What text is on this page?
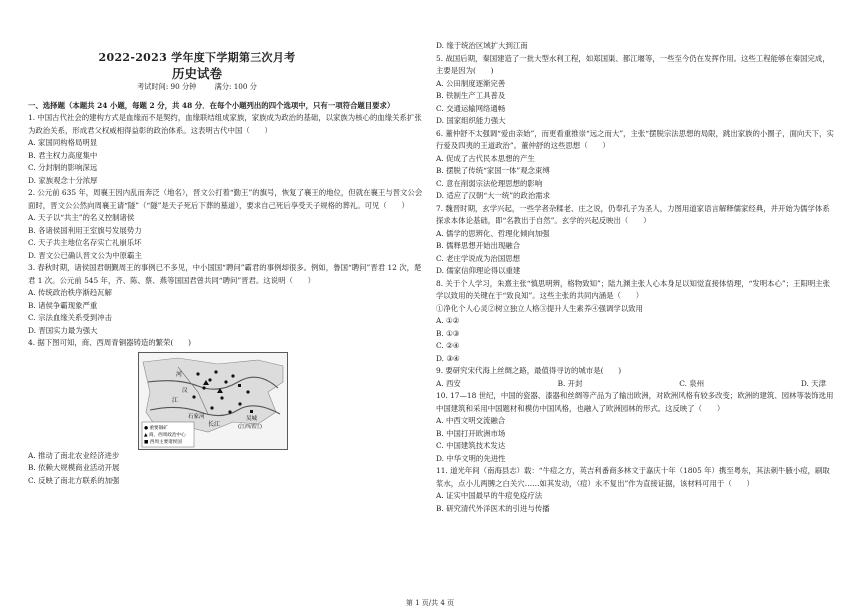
2022-2023 学年度下学期第三次月考
历史试卷
考试时间: 90 分钟	满分: 100 分
一、选择题（本题共 24 小题，每题 2 分，共 48 分．在每个小题列出的四个选项中，只有一项符合题目要求）

1. 中国古代社会的建构方式是血缘而不是契约，血缘联结组成家族，家族成为政治的基础，以家族为核心的血缘关系扩张为政治关系，形成君父权威相得益彰的政治体系。这表明古代中国（　　）

A. 家国同构格局明显

B. 君主权力高度集中

C. 分封制的影响深远

D. 家族观念十分浓厚

2. 公元前 635 年，周襄王因内乱而奔泛（地名），晋文公打着“勤王”的旗号，恢复了襄王的地位，但就在襄王与晋文公会面时，晋文公公然向周襄王请“隧”（“隧”是天子死后下葬的墓道），要求自己死后享受天子规格的葬礼。可见（　　）

A. 天子以“共主”的名义控制诸侯

B. 各诸侯国利用王室旗号发展势力

C. 天子共主地位名存实亡礼崩乐坏

D. 晋文公已确认晋文公为中原霸主

3. 春秋时期，诸侯国君朝觐周王的事例已不多见，中小国国“聘问”霸君的事例却很多。例如，鲁国“聘问”晋君 12 次，楚君 1 次。公元前 545 年，齐、陈、蔡、燕等国国君曾共同“聘问”晋君。这说明（　　）

A. 传统政治秩序渐趋瓦解

B. 诸侯争霸现象严重

C. 宗法血缘关系受到冲击

D. 晋国实力最为强大

4. 据下图可知，商、西周青铜器铸造的繁荣(　　)

河
江
长江
吴城
(江西清江)
石家河
汉
● 重要铜矿
▲ 商、西周政治中心
■ 西周主要诸侯国

A. 推动了南北农业经济进步

B. 依赖大规模商业活动开展

C. 反映了南北方联系的加强

D. 缘于统治区域扩大到江南

5. 战国后期，秦国建造了一批大型水利工程，如郑国渠、都江堰等，一些至今仍在发挥作用。这些工程能够在秦国完成，主要是因为(　　)

A. 公田制度逐渐完善

B. 铁制生产工具普及

C. 交通运输网络通畅

D. 国家组织能力强大

6. 董仲舒不太强调“爱由亲始”，而更看重推崇“远之而大”，主张“摆脱宗法思想的局限，跳出家族的小圈子，面向天下，实行爱及四夷的王道政治”。董仲舒的这些思想（　　）

A. 促成了古代民本思想的产生

B. 摆脱了传统“家国一体”观念束缚

C. 意在削弱宗法伦理思想的影响

D. 适应了汉朝“大一统”的政治需求

7. 魏晋时期，玄学兴起，一些学者杂糅老、庄之说，仍奉孔子为圣人，力图用道家语言解释儒家经典，并开始为儒学体系探求本体论基础，即“名教出于自然”。玄学的兴起反映出（　　）

A. 儒学的思辨化、哲理化倾向加强

B. 儒释思想开始出现融合

C. 老庄学说成为治国思想

D. 儒家信仰理论得以重建

8. 关于个人学习，朱熹主张“慎思明辨，格物致知”；陆九渊主张人心本身足以知觉直接体悟理，“发明本心”；王阳明主张学以致用的关键在于“致良知”。这些主张的共同内涵是（　　）

①净化个人心灵②树立独立人格③提升人生素养④强调学以致用

A. ①②

B. ①③

C. ②④

D. ③④

9. 要研究宋代海上丝绸之路，最值得寻访的城市是(　　)

A. 西安	B. 开封	C. 泉州	D. 天津

10. 17—18 世纪，中国的瓷器、漆器和丝绸等产品为了输出欧洲，对欧洲风格有较多改变；欧洲的建筑、园林等装饰选用中国建筑和采用中国题材和模仿中国风格，也融入了欧洲园林的形式。这反映了（　　）

A. 中西文明交流融合

B. 中国打开欧洲市场

C. 中国建筑技术发达

D. 中华文明的先进性

11. 道光年间（南海县志）载：“牛痘之方，英吉利番商多林文于嘉庆十年（1805 年）携至粤东，其法刺牛腋小痘，刷取浆水，点小儿两膊之白关穴……如其发动，（痘）永不复出”作为直接证据，该材料可用于（　　）

A. 证实中国最早的牛痘免疫疗法

B. 研究清代外洋医术的引进与传播

第 1 页/共 4 页
